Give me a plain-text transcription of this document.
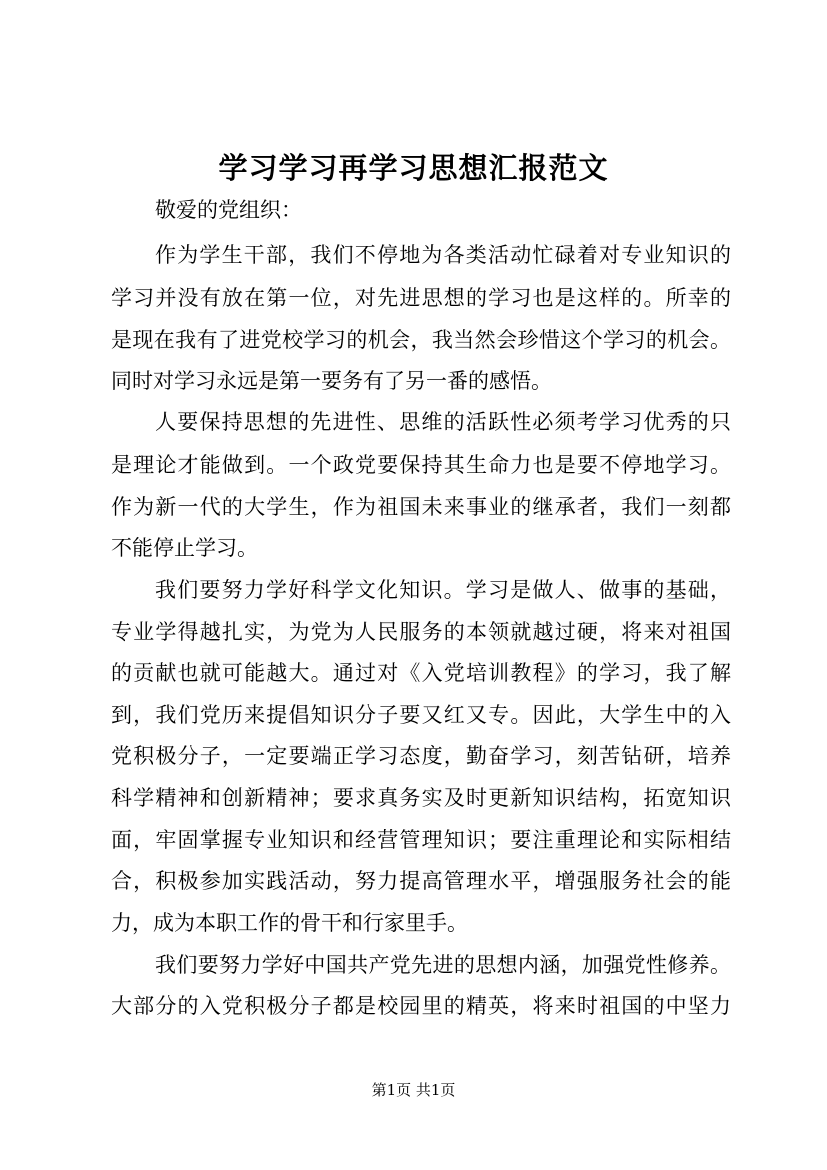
学习学习再学习思想汇报范文
敬爱的党组织：
作为学生干部，我们不停地为各类活动忙碌着对专业知识的
学习并没有放在第一位，对先进思想的学习也是这样的。所幸的
是现在我有了进党校学习的机会，我当然会珍惜这个学习的机会。
同时对学习永远是第一要务有了另一番的感悟。
人要保持思想的先进性、思维的活跃性必须考学习优秀的只
是理论才能做到。一个政党要保持其生命力也是要不停地学习。
作为新一代的大学生，作为祖国未来事业的继承者，我们一刻都
不能停止学习。
我们要努力学好科学文化知识。学习是做人、做事的基础，
专业学得越扎实，为党为人民服务的本领就越过硬，将来对祖国
的贡献也就可能越大。通过对《入党培训教程》的学习，我了解
到，我们党历来提倡知识分子要又红又专。因此，大学生中的入
党积极分子，一定要端正学习态度，勤奋学习，刻苦钻研，培养
科学精神和创新精神；要求真务实及时更新知识结构，拓宽知识
面，牢固掌握专业知识和经营管理知识；要注重理论和实际相结
合，积极参加实践活动，努力提高管理水平，增强服务社会的能
力，成为本职工作的骨干和行家里手。
我们要努力学好中国共产党先进的思想内涵，加强党性修养。
大部分的入党积极分子都是校园里的精英，将来时祖国的中坚力
第1页 共1页
